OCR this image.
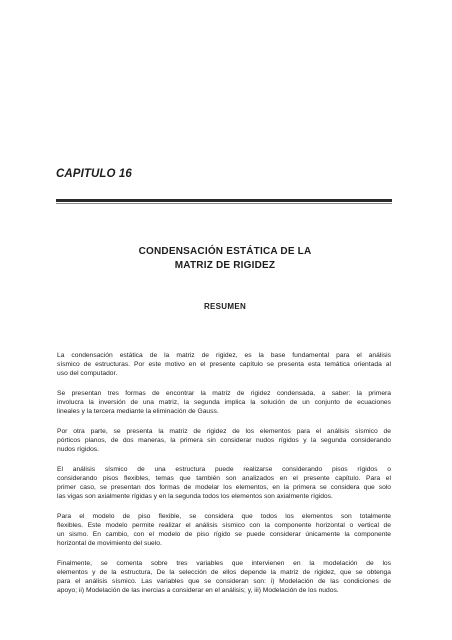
CAPITULO 16
CONDENSACIÓN ESTÁTICA DE LA
MATRIZ DE RIGIDEZ
RESUMEN
La condensación estática de la matriz de rigidez, es la base fundamental para el análisis
sísmico de estructuras. Por este motivo en el presente capítulo se presenta esta temática orientada al
uso del computador.
Se presentan tres formas de encontrar la matriz de rigidez condensada, a saber: la primera
involucra la inversión de una matriz, la segunda implica la solución de un conjunto de ecuaciones
lineales y la tercera mediante la eliminación de Gauss.
Por otra parte, se presenta la matriz de rigidez de los elementos para el análisis sísmico de
pórticos planos, de dos maneras, la primera sin considerar nudos rígidos y la segunda considerando
nudos rígidos.
El análisis sísmico de una estructura puede realizarse considerando pisos rígidos o
considerando pisos flexibles, temas que también son analizados en el presente capítulo. Para el
primer caso, se presentan dos formas de modelar los elementos, en la primera se considera que solo
las vigas son axialmente rígidas y en la segunda todos los elementos son axialmente rígidos.
Para el modelo de piso flexible, se considera que todos los elementos son totalmente
flexibles. Este modelo permite realizar el análisis sísmico con la componente horizontal o vertical de
un sismo. En cambio, con el modelo de piso rígido se puede considerar únicamente la componente
horizontal de movimiento del suelo.
Finalmente, se comenta sobre tres variables que intervienen en la modelación de los
elementos y de la estructura, De la selección de ellos depende la matriz de rigidez, que se obtenga
para el análisis sísmico. Las variables que se consideran son: i) Modelación de las condiciones de
apoyo; ii) Modelación de las inercias a considerar en el análisis; y, iii) Modelación de los nudos.
